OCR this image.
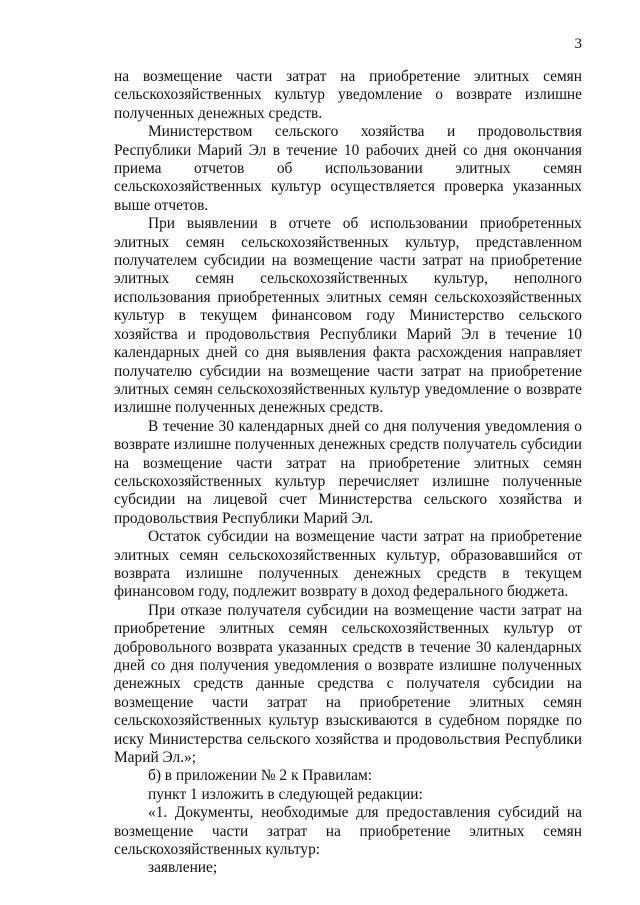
3

на возмещение части затрат на приобретение элитных семян сельскохозяйственных культур уведомление о возврате излишне полученных денежных средств.

Министерством сельского хозяйства и продовольствия Республики Марий Эл в течение 10 рабочих дней со дня окончания приема отчетов об использовании элитных семян сельскохозяйственных культур осуществляется проверка указанных выше отчетов.

При выявлении в отчете об использовании приобретенных элитных семян сельскохозяйственных культур, представленном получателем субсидии на возмещение части затрат на приобретение элитных семян сельскохозяйственных культур, неполного использования приобретенных элитных семян сельскохозяйственных культур в текущем финансовом году Министерство сельского хозяйства и продовольствия Республики Марий Эл в течение 10 календарных дней со дня выявления факта расхождения направляет получателю субсидии на возмещение части затрат на приобретение элитных семян сельскохозяйственных культур уведомление о возврате излишне полученных денежных средств.

В течение 30 календарных дней со дня получения уведомления о возврате излишне полученных денежных средств получатель субсидии на возмещение части затрат на приобретение элитных семян сельскохозяйственных культур перечисляет излишне полученные субсидии на лицевой счет Министерства сельского хозяйства и продовольствия Республики Марий Эл.

Остаток субсидии на возмещение части затрат на приобретение элитных семян сельскохозяйственных культур, образовавшийся от возврата излишне полученных денежных средств в текущем финансовом году, подлежит возврату в доход федерального бюджета.

При отказе получателя субсидии на возмещение части затрат на приобретение элитных семян сельскохозяйственных культур от добровольного возврата указанных средств в течение 30 календарных дней со дня получения уведомления о возврате излишне полученных денежных средств данные средства с получателя субсидии на возмещение части затрат на приобретение элитных семян сельскохозяйственных культур взыскиваются в судебном порядке по иску Министерства сельского хозяйства и продовольствия Республики Марий Эл.»;

б) в приложении № 2 к Правилам:

пункт 1 изложить в следующей редакции:

«1. Документы, необходимые для предоставления субсидий на возмещение части затрат на приобретение элитных семян сельскохозяйственных культур:

заявление;
